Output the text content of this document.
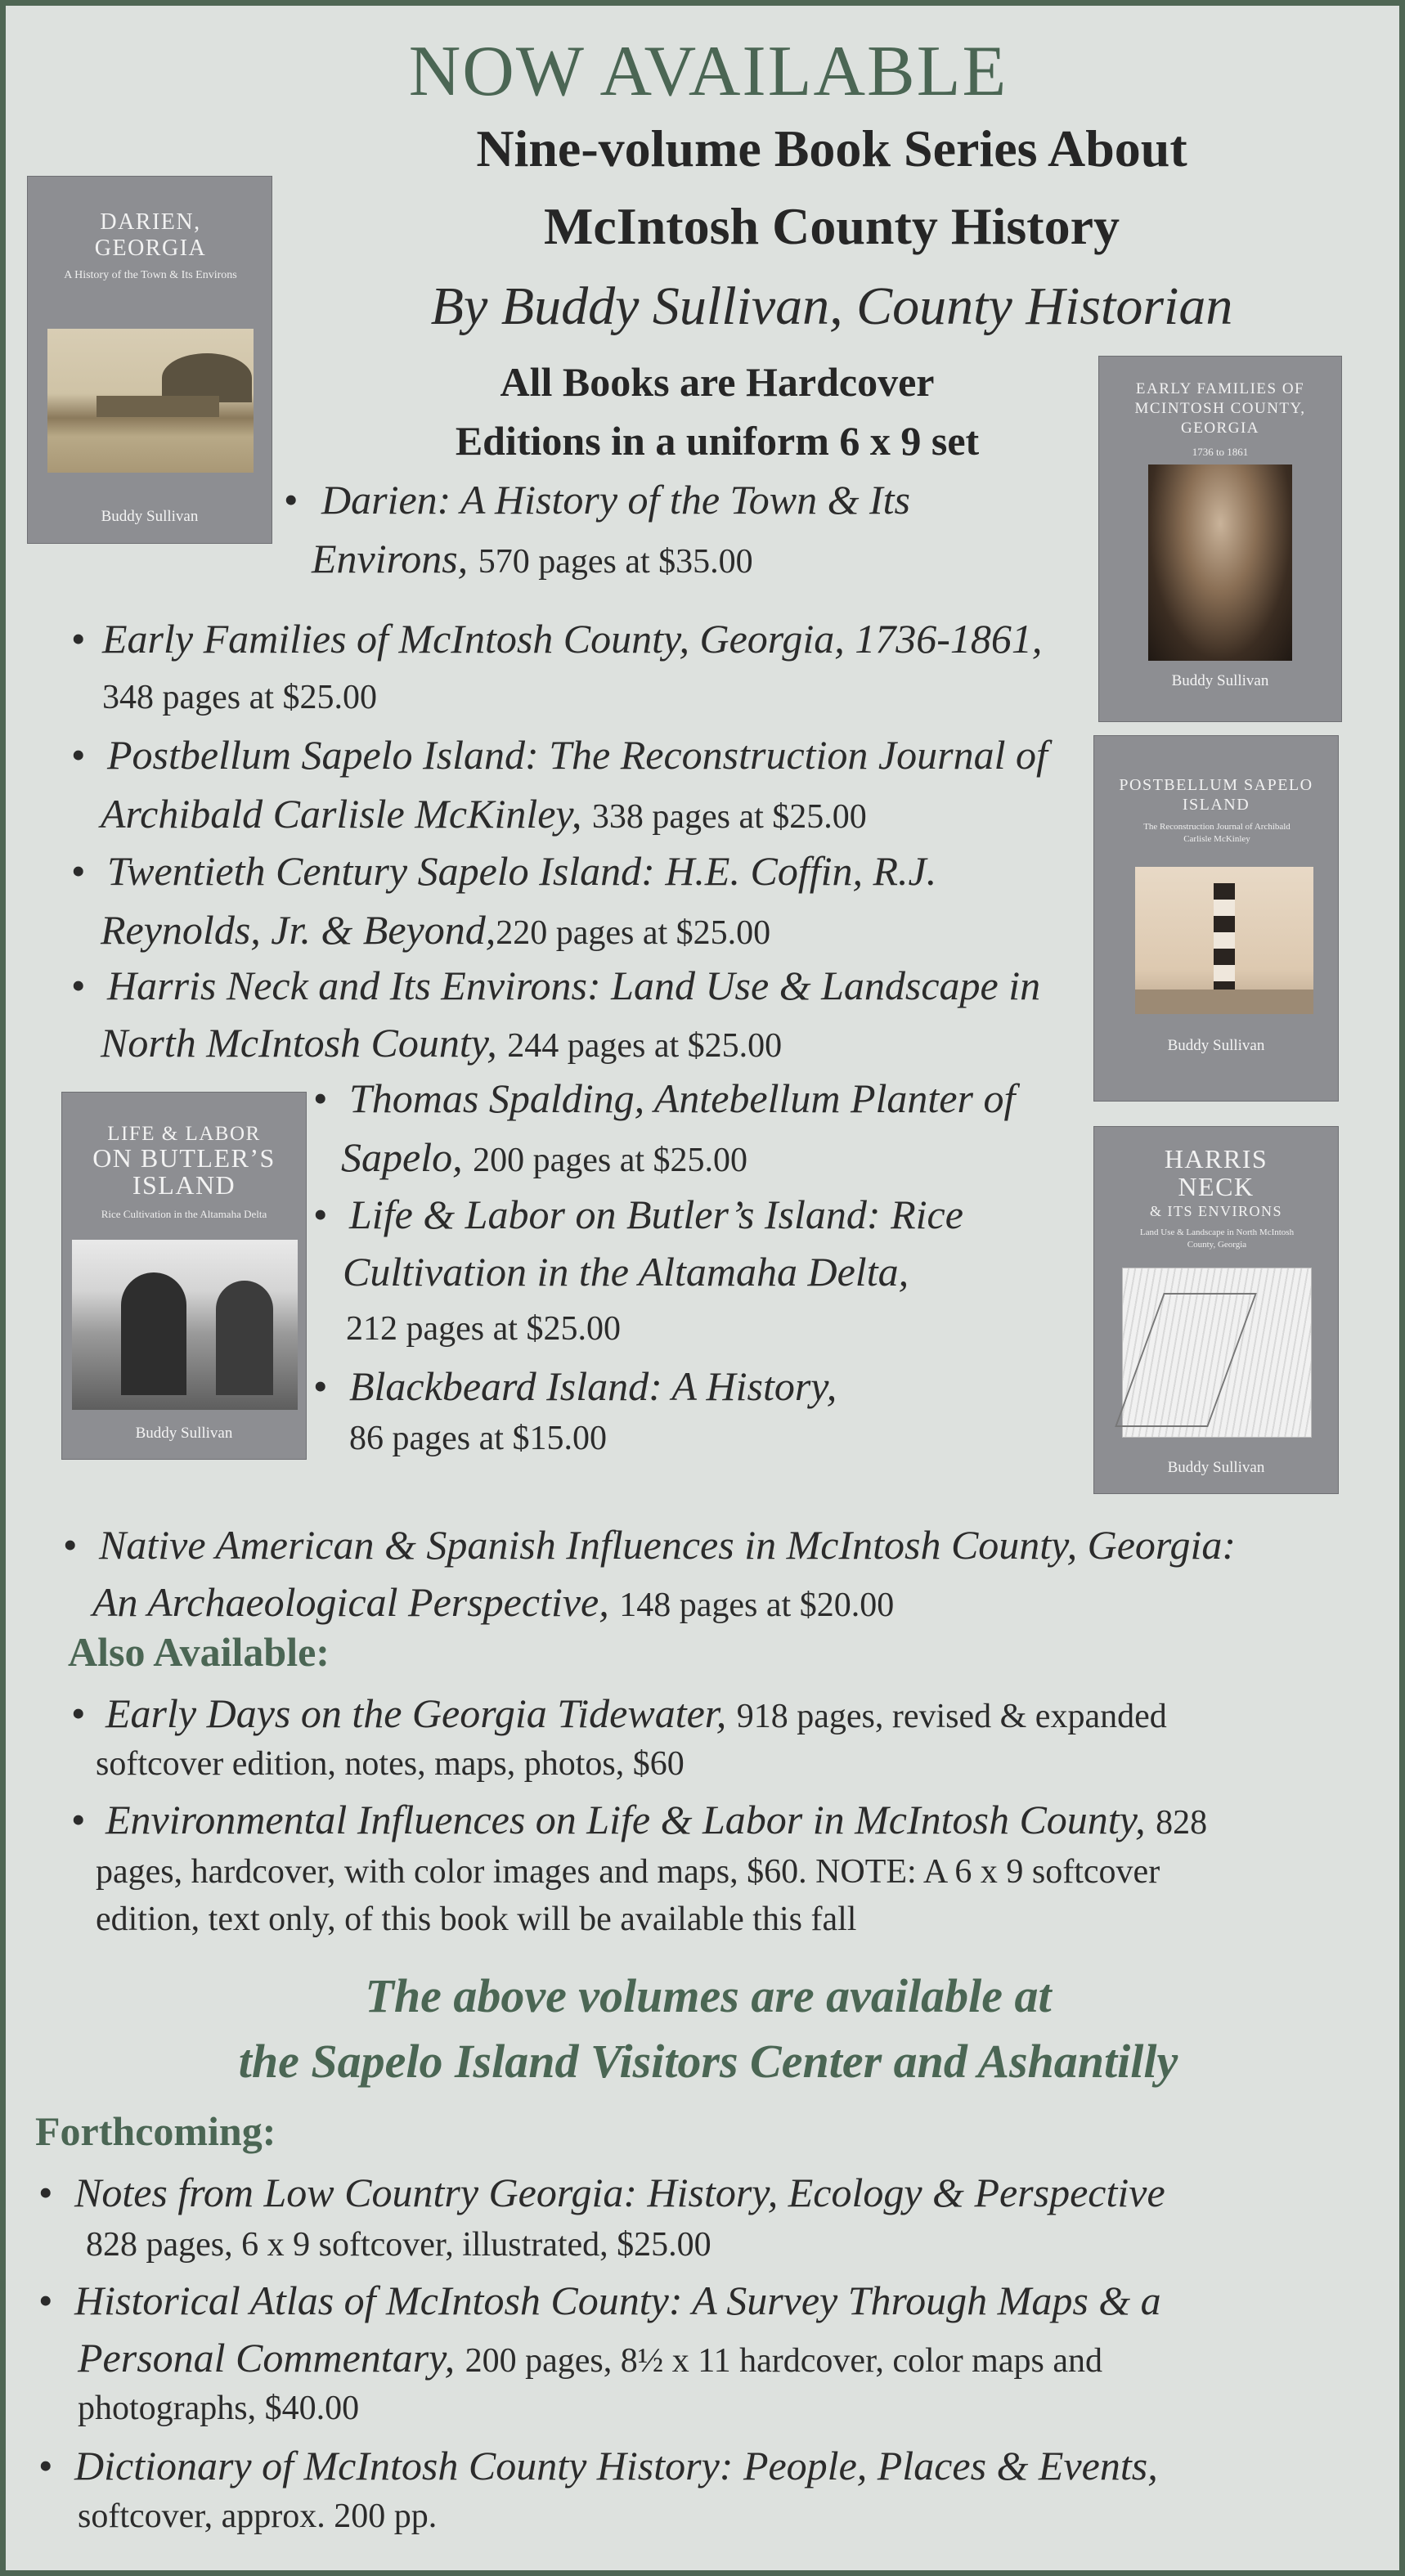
NOW AVAILABLE
Nine-volume Book Series About
McIntosh County History
By Buddy Sullivan, County Historian
All Books are Hardcover
Editions in a uniform 6 x 9 set
• Darien: A History of the Town & Its
Environs, 570 pages at $35.00
• Early Families of McIntosh County, Georgia, 1736-1861,
348 pages at $25.00
• Postbellum Sapelo Island: The Reconstruction Journal of
Archibald Carlisle McKinley, 338 pages at $25.00
• Twentieth Century Sapelo Island: H.E. Coffin, R.J.
Reynolds, Jr. & Beyond,220 pages at $25.00
• Harris Neck and Its Environs: Land Use & Landscape in
North McIntosh County, 244 pages at $25.00
• Thomas Spalding, Antebellum Planter of
Sapelo, 200 pages at $25.00
• Life & Labor on Butler’s Island: Rice
Cultivation in the Altamaha Delta,
212 pages at $25.00
• Blackbeard Island: A History,
86 pages at $15.00
• Native American & Spanish Influences in McIntosh County, Georgia:
An Archaeological Perspective, 148 pages at $20.00
Also Available:
• Early Days on the Georgia Tidewater, 918 pages, revised & expanded
softcover edition, notes, maps, photos, $60
• Environmental Influences on Life & Labor in McIntosh County, 828
pages, hardcover, with color images and maps, $60. NOTE: A 6 x 9 softcover
edition, text only, of this book will be available this fall
The above volumes are available at
the Sapelo Island Visitors Center and Ashantilly
Forthcoming:
• Notes from Low Country Georgia: History, Ecology & Perspective
828 pages, 6 x 9 softcover, illustrated, $25.00
• Historical Atlas of McIntosh County: A Survey Through Maps & a
Personal Commentary, 200 pages, 8½ x 11 hardcover, color maps and
photographs, $40.00
• Dictionary of McIntosh County History: People, Places & Events,
softcover, approx. 200 pp.
DARIEN, GEORGIA
A History of the Town & Its Environs
Buddy Sullivan
EARLY FAMILIES OF MCINTOSH COUNTY, GEORGIA
1736 to 1861
Buddy Sullivan
POSTBELLUM SAPELO ISLAND
The Reconstruction Journal of Archibald Carlisle McKinley
Buddy Sullivan
LIFE & LABOR
ON BUTLER’S
ISLAND
Rice Cultivation in the Altamaha Delta
Buddy Sullivan
HARRIS
NECK
& ITS ENVIRONS
Land Use & Landscape in North McIntosh County, Georgia
Buddy Sullivan
